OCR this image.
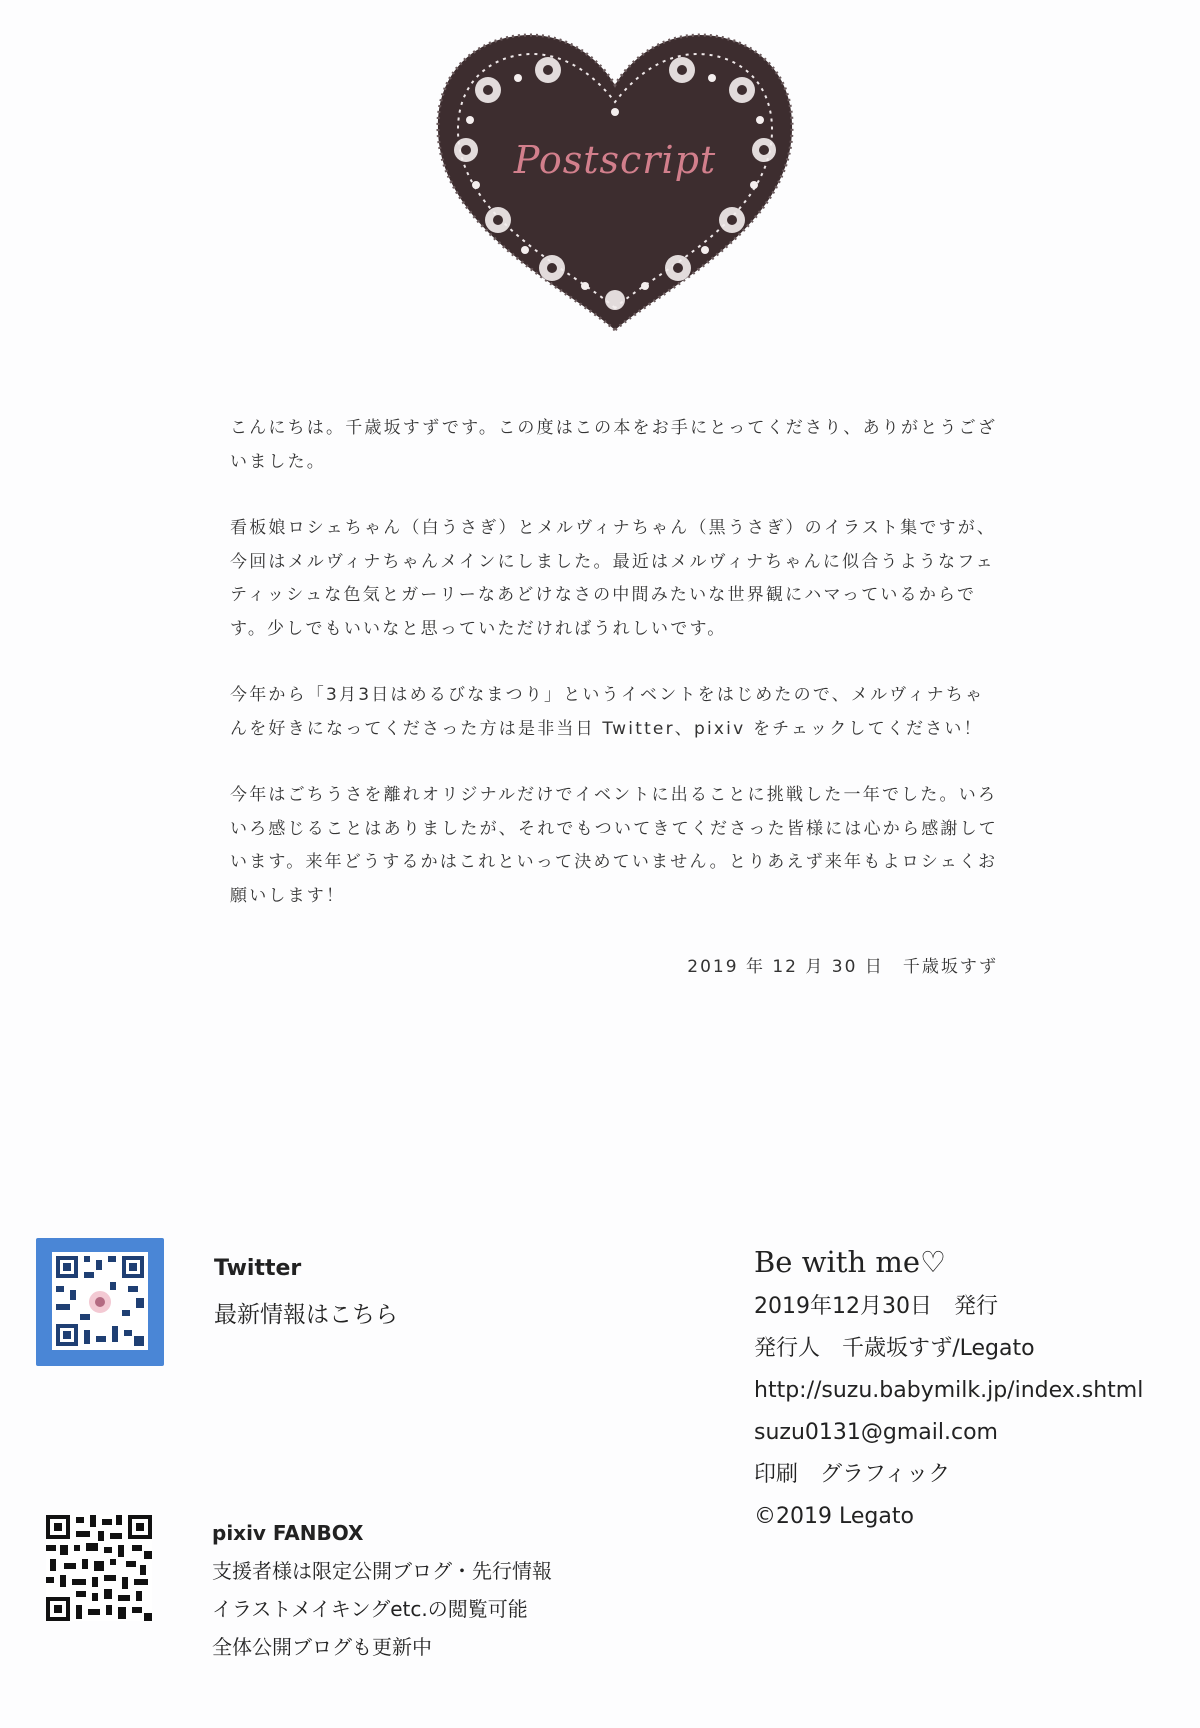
Postscript

こんにちは。千歳坂すずです。この度はこの本をお手にとってくださり、ありがとうございました。

看板娘ロシェちゃん（白うさぎ）とメルヴィナちゃん（黒うさぎ）のイラスト集ですが、今回はメルヴィナちゃんメインにしました。最近はメルヴィナちゃんに似合うようなフェティッシュな色気とガーリーなあどけなさの中間みたいな世界観にハマっているからです。少しでもいいなと思っていただければうれしいです。

今年から「3月3日はめるびなまつり」というイベントをはじめたので、メルヴィナちゃんを好きになってくださった方は是非当日 Twitter、pixiv をチェックしてください！

今年はごちうさを離れオリジナルだけでイベントに出ることに挑戦した一年でした。いろいろ感じることはありましたが、それでもついてきてくださった皆様には心から感謝しています。来年どうするかはこれといって決めていません。とりあえず来年もよロシェくお願いします！

2019 年 12 月 30 日　千歳坂すず
Twitter
最新情報はこちら
pixiv FANBOX
支援者様は限定公開ブログ・先行情報
イラストメイキングetc.の閲覧可能
全体公開ブログも更新中
Be with me♡
2019年12月30日　発行
発行人　千歳坂すず/Legato
http://suzu.babymilk.jp/index.shtml
suzu0131@gmail.com
印刷　グラフィック
©2019 Legato
